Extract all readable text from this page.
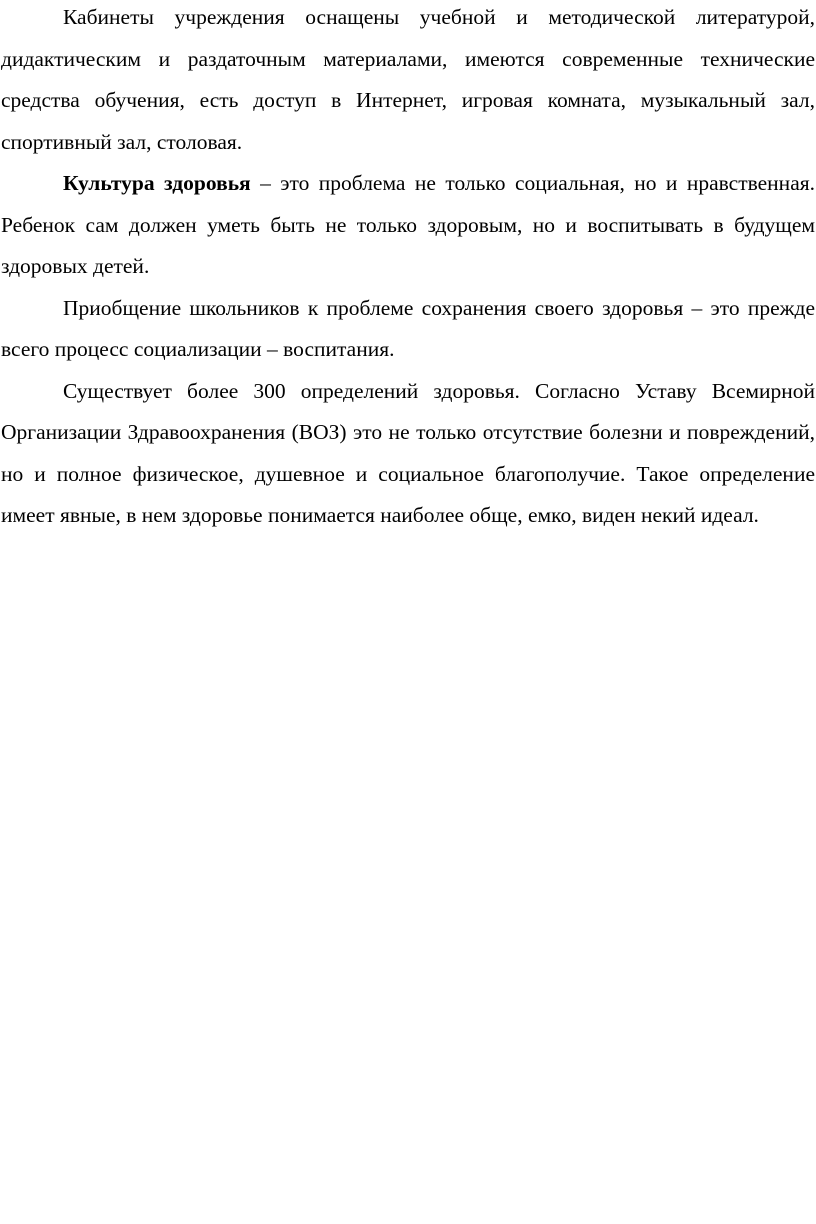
Кабинеты учреждения оснащены учебной и методической литературой, дидактическим и раздаточным материалами, имеются современные технические средства обучения, есть доступ в Интернет, игровая комната, музыкальный зал, спортивный зал, столовая.

Культура здоровья – это проблема не только социальная, но и нравственная. Ребенок сам должен уметь быть не только здоровым, но и воспитывать в будущем здоровых детей.

Приобщение школьников к проблеме сохранения своего здоровья – это прежде всего процесс социализации – воспитания.

Существует более 300 определений здоровья. Согласно Уставу Всемирной Организации Здравоохранения (ВОЗ) это не только отсутствие болезни и повреждений, но и полное физическое, душевное и социальное благополучие. Такое определение имеет явные, в нем здоровье понимается наиболее обще, емко, виден некий идеал.
